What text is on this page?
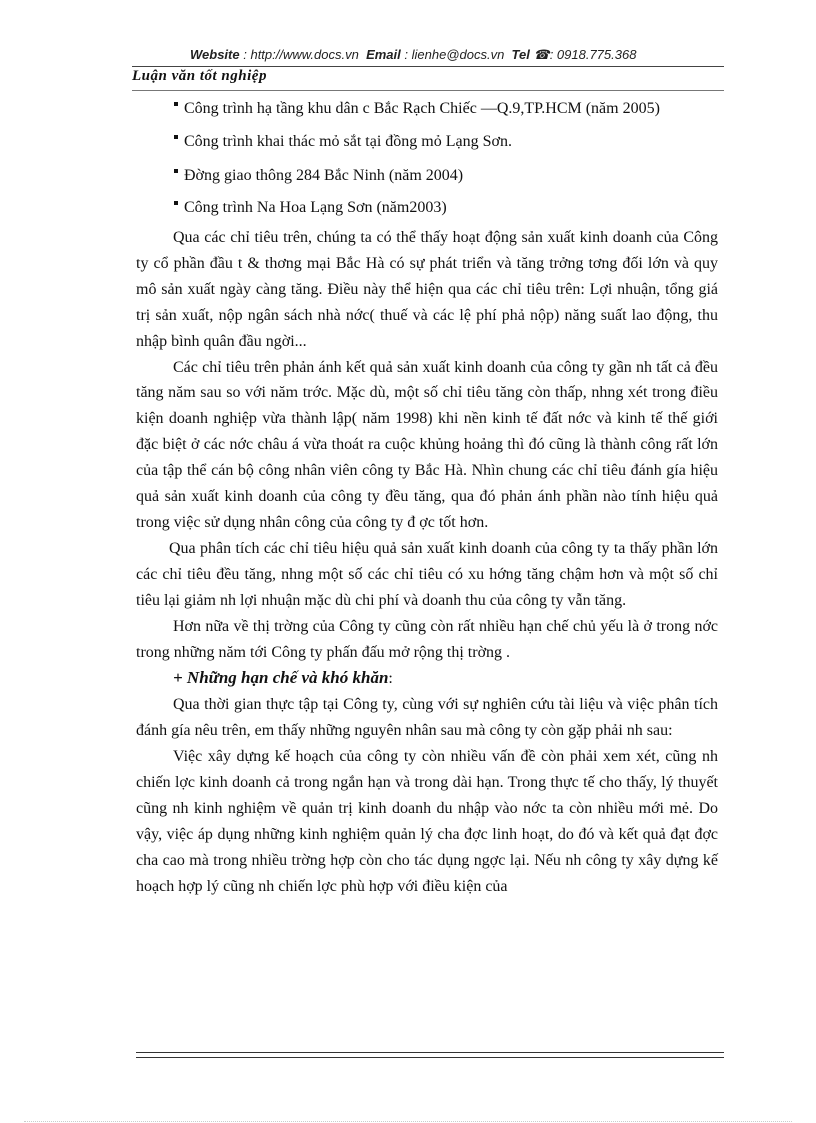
Website : http://www.docs.vn Email : lienhe@docs.vn Tel ☎: 0918.775.368
Luận văn tốt nghiệp
Công trình hạ tầng khu dân c Bắc Rạch Chiếc —Q.9,TP.HCM (năm 2005)
Công trình khai thác mỏ sắt tại đồng mỏ Lạng Sơn.
Đờng giao thông 284 Bắc Ninh (năm 2004)
Công trình Na Hoa Lạng Sơn (năm2003)

Qua các chỉ tiêu trên, chúng ta có thể thấy hoạt động sản xuất kinh doanh của Công ty cổ phần đầu t & thơng mại Bắc Hà có sự phát triển và tăng trởng tơng đối lớn và quy mô sản xuất ngày càng tăng. Điều này thể hiện qua các chỉ tiêu trên: Lợi nhuận, tổng giá trị sản xuất, nộp ngân sách nhà nớc( thuế và các lệ phí phả nộp) năng suất lao động, thu nhập bình quân đầu ngời...

Các chỉ tiêu trên phản ánh kết quả sản xuất kinh doanh của công ty gần nh tất cả đều tăng năm sau so với năm trớc. Mặc dù, một số chỉ tiêu tăng còn thấp, nhng xét trong điều kiện doanh nghiệp vừa thành lập( năm 1998) khi nền kinh tế đất nớc và kinh tế thế giới đặc biệt ở các nớc châu á vừa thoát ra cuộc khủng hoảng thì đó cũng là thành công rất lớn của tập thể cán bộ công nhân viên công ty Bắc Hà. Nhìn chung các chỉ tiêu đánh gía hiệu quả sản xuất kinh doanh của công ty đều tăng, qua đó phản ánh phần nào tính hiệu quả trong việc sử dụng nhân công của công ty đ ợc tốt hơn.

Qua phân tích các chỉ tiêu hiệu quả sản xuất kinh doanh của công ty ta thấy phần lớn các chỉ tiêu đều tăng, nhng một số các chỉ tiêu có xu hớng tăng chậm hơn và một số chỉ tiêu lại giảm nh lợi nhuận mặc dù chi phí và doanh thu của công ty vẫn tăng.

Hơn nữa về thị trờng của Công ty cũng còn rất nhiều hạn chế chủ yếu là ở trong nớc trong những năm tới Công ty phấn đấu mở rộng thị trờng .

+ Những hạn chế và khó khăn:

Qua thời gian thực tập tại Công ty, cùng với sự nghiên cứu tài liệu và việc phân tích đánh gía nêu trên, em thấy những nguyên nhân sau mà công ty còn gặp phải nh sau:

Việc xây dựng kế hoạch của công ty còn nhiều vấn đề còn phải xem xét, cũng nh chiến lợc kinh doanh cả trong ngắn hạn và trong dài hạn. Trong thực tế cho thấy, lý thuyết cũng nh kinh nghiệm về quản trị kinh doanh du nhập vào nớc ta còn nhiều mới mẻ. Do vậy, việc áp dụng những kinh nghiệm quản lý cha đợc linh hoạt, do đó và kết quả đạt đợc cha cao mà trong nhiều trờng hợp còn cho tác dụng ngợc lại. Nếu nh công ty xây dựng kế hoạch hợp lý cũng nh chiến lợc phù hợp với điều kiện của
